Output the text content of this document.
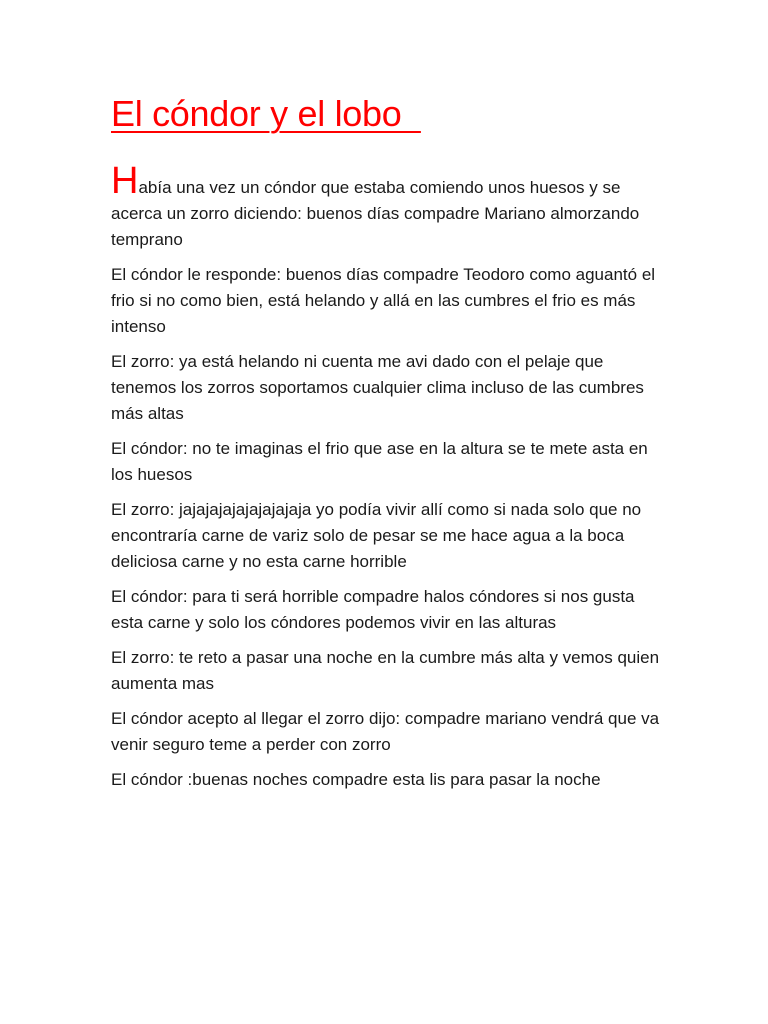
El cóndor y el lobo

Había una vez un cóndor que estaba comiendo unos huesos y se acerca un zorro diciendo: buenos días compadre Mariano almorzando temprano

El cóndor le responde: buenos días compadre Teodoro como aguantó el frio si no como bien, está helando y allá en las cumbres el frio es más intenso

El zorro: ya está helando ni cuenta me avi dado con el pelaje que tenemos los zorros soportamos cualquier clima incluso de las cumbres más altas

El cóndor: no te imaginas el frio que ase en la altura se te mete asta en los huesos

El zorro: jajajajajajajajajaja yo podía vivir allí como si nada solo que no encontraría carne de variz solo de pesar se me hace agua a la boca deliciosa carne y no esta carne horrible

El cóndor: para ti será horrible compadre halos cóndores si nos gusta esta carne y solo los cóndores podemos vivir en las alturas

El zorro: te reto a pasar una noche en la cumbre más alta y vemos quien aumenta mas

El cóndor acepto al llegar el zorro dijo: compadre mariano vendrá que va venir seguro teme a perder con zorro

El cóndor :buenas noches compadre esta lis para pasar la noche
